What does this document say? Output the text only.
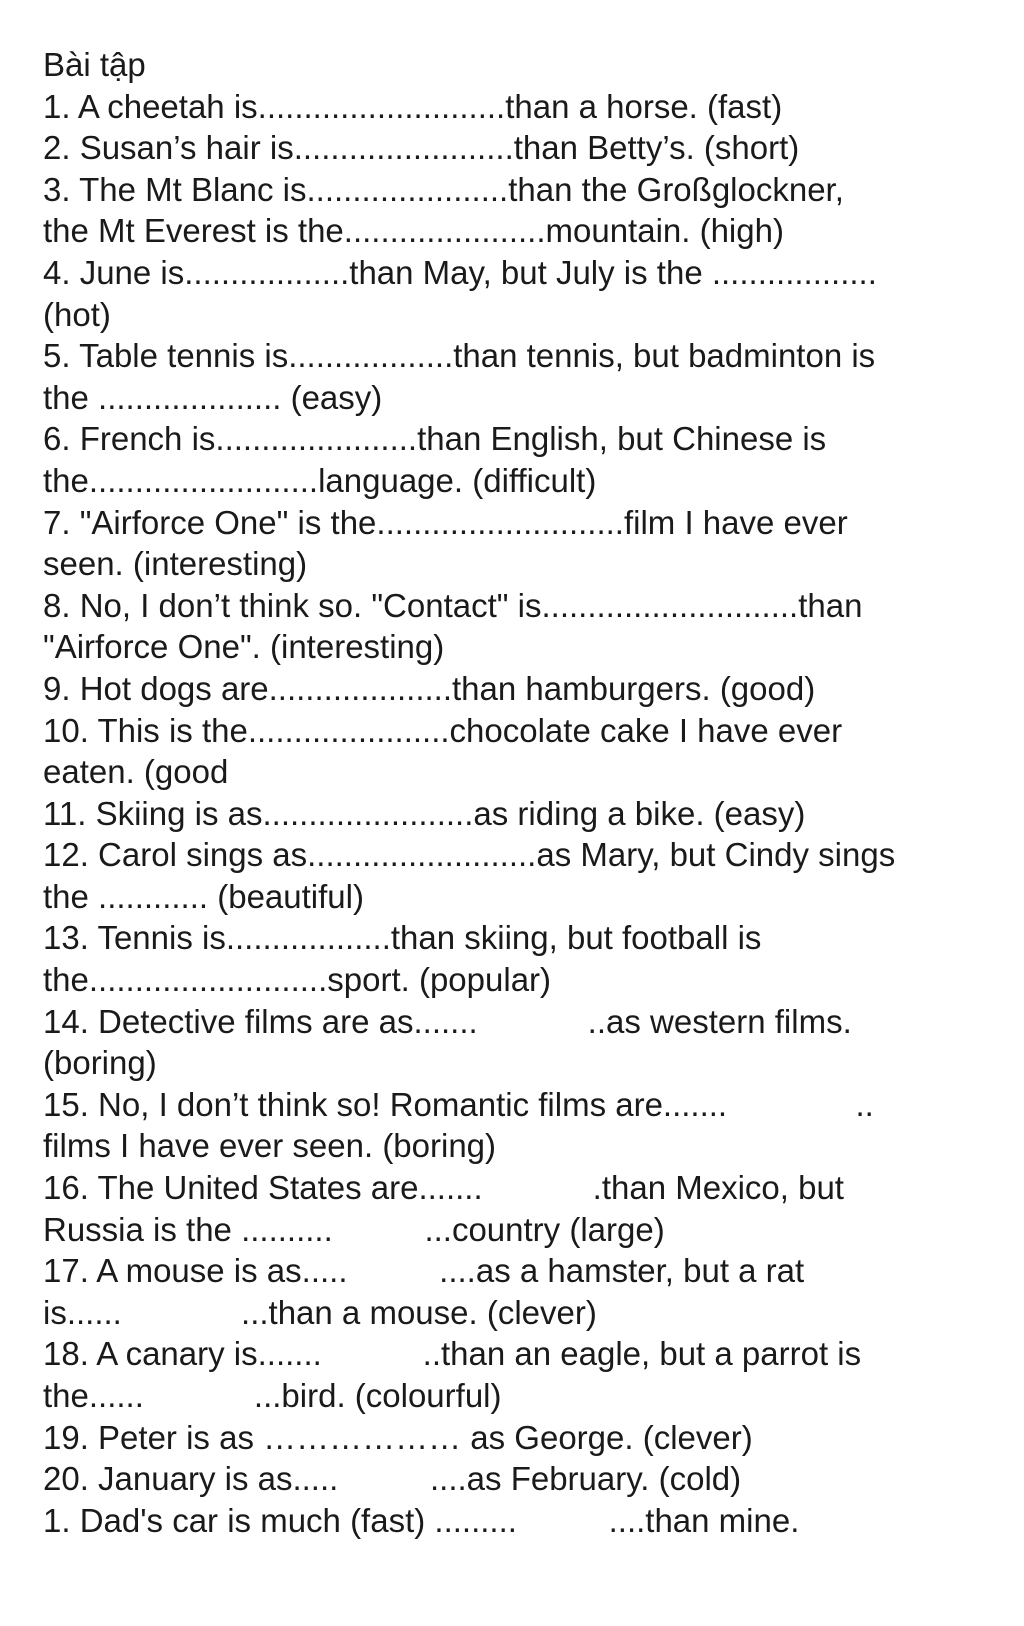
Bài tập
1. A cheetah is...........................than a horse. (fast)
2. Susan’s hair is........................than Betty’s. (short)
3. The Mt Blanc is......................than the Großglockner,
the Mt Everest is the......................mountain. (high)
4. June is..................than May, but July is the ..................
(hot)
5. Table tennis is..................than tennis, but badminton is
the .................... (easy)
6. French is......................than English, but Chinese is
the.........................language. (difficult)
7. "Airforce One" is the...........................film I have ever
seen. (interesting)
8. No, I don’t think so. "Contact" is............................than
"Airforce One". (interesting)
9. Hot dogs are....................than hamburgers. (good)
10. This is the......................chocolate cake I have ever
eaten. (good
11. Skiing is as.......................as riding a bike. (easy)
12. Carol sings as.........................as Mary, but Cindy sings
the ............ (beautiful)
13. Tennis is..................than skiing, but football is
the..........................sport. (popular)
14. Detective films are as.......            ..as western films.
(boring)
15. No, I don’t think so! Romantic films are.......              ..
films I have ever seen. (boring)
16. The United States are.......            .than Mexico, but
Russia is the ..........          ...country (large)
17. A mouse is as.....          ....as a hamster, but a rat
is......             ...than a mouse. (clever)
18. A canary is.......           ..than an eagle, but a parrot is
the......            ...bird. (colourful)
19. Peter is as ……………… as George. (clever)
20. January is as.....          ....as February. (cold)
1. Dad's car is much (fast) .........          ....than mine.
